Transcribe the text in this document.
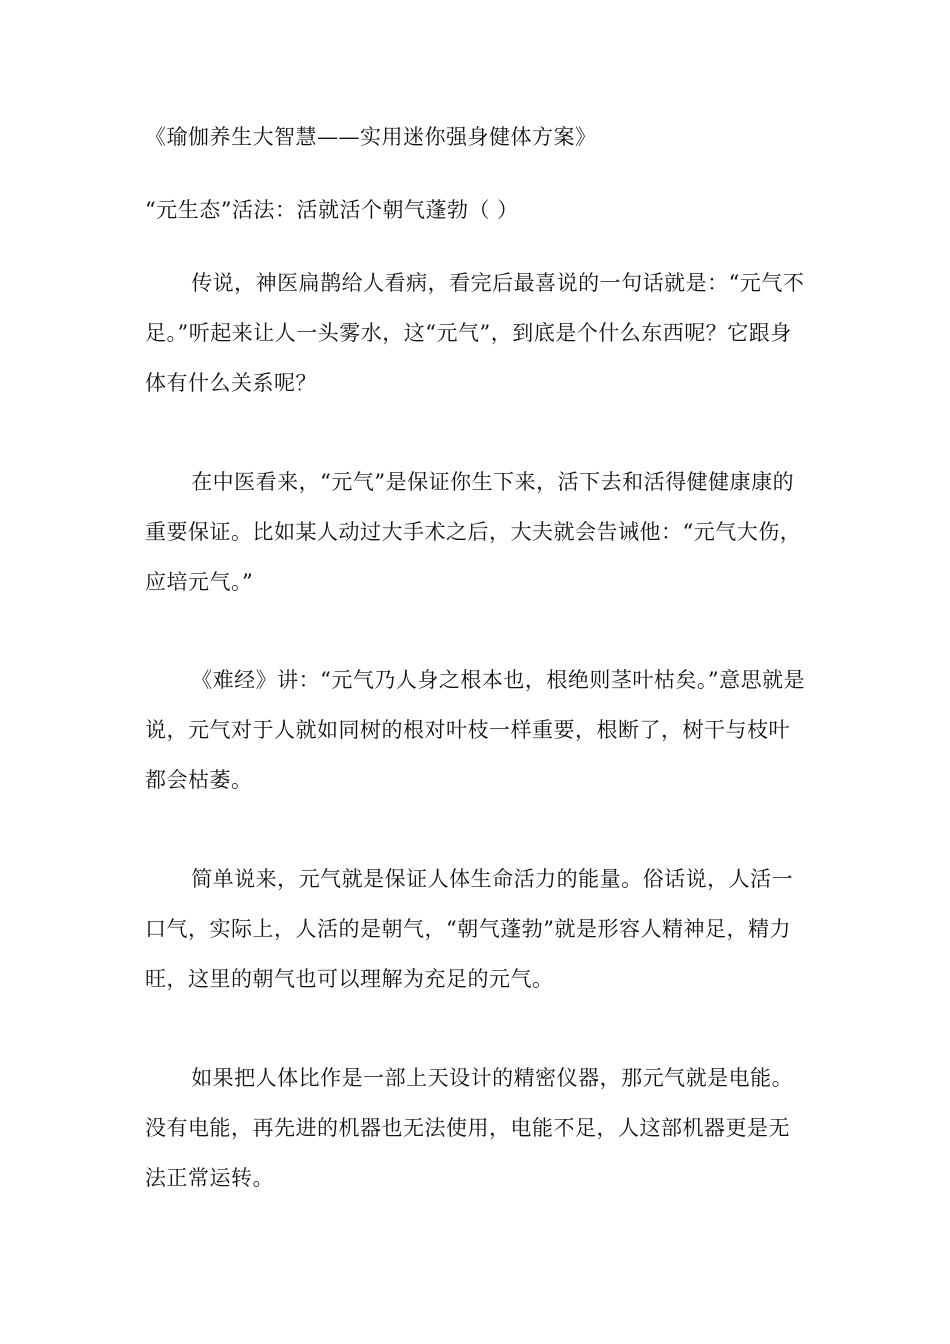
《瑜伽养生大智慧——实用迷你强身健体方案》
“元生态”活法：活就活个朝气蓬勃（ ）
传说，神医扁鹊给人看病，看完后最喜说的一句话就是：“元气不足。”听起来让人一头雾水，这“元气”，到底是个什么东西呢？它跟身体有什么关系呢？
在中医看来，“元气”是保证你生下来，活下去和活得健健康康的重要保证。比如某人动过大手术之后，大夫就会告诫他：“元气大伤，应培元气。”
《难经》讲：“元气乃人身之根本也，根绝则茎叶枯矣。”意思就是说，元气对于人就如同树的根对叶枝一样重要，根断了，树干与枝叶都会枯萎。
简单说来，元气就是保证人体生命活力的能量。俗话说，人活一口气，实际上，人活的是朝气，“朝气蓬勃”就是形容人精神足，精力旺，这里的朝气也可以理解为充足的元气。
如果把人体比作是一部上天设计的精密仪器，那元气就是电能。没有电能，再先进的机器也无法使用，电能不足，人这部机器更是无法正常运转。
